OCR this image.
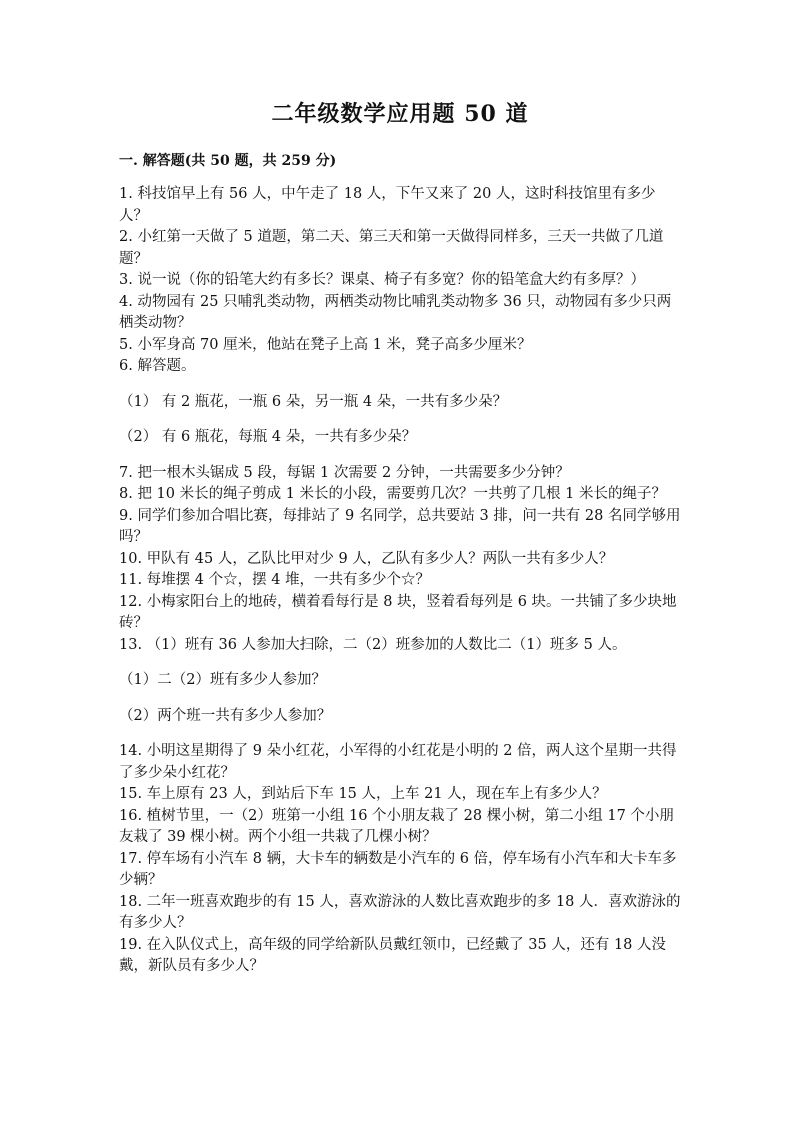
二年级数学应用题 50 道
一. 解答题(共 50 题，共 259 分)

1. 科技馆早上有 56 人，中午走了 18 人，下午又来了 20 人，这时科技馆里有多少人？

2. 小红第一天做了 5 道题，第二天、第三天和第一天做得同样多，三天一共做了几道题？

3. 说一说（你的铅笔大约有多长？课桌、椅子有多宽？你的铅笔盒大约有多厚？）

4. 动物园有 25 只哺乳类动物，两栖类动物比哺乳类动物多 36 只，动物园有多少只两栖类动物？

5. 小军身高 70 厘米，他站在凳子上高 1 米，凳子高多少厘米？

6. 解答题。

（1） 有 2 瓶花，一瓶 6 朵，另一瓶 4 朵，一共有多少朵？

（2） 有 6 瓶花，每瓶 4 朵，一共有多少朵？

7. 把一根木头锯成 5 段，每锯 1 次需要 2 分钟，一共需要多少分钟？

8. 把 10 米长的绳子剪成 1 米长的小段，需要剪几次？一共剪了几根 1 米长的绳子？

9. 同学们参加合唱比赛，每排站了 9 名同学，总共要站 3 排，问一共有 28 名同学够用吗？

10. 甲队有 45 人，乙队比甲对少 9 人，乙队有多少人？两队一共有多少人？

11. 每堆摆 4 个☆，摆 4 堆，一共有多少个☆？

12. 小梅家阳台上的地砖，横着看每行是 8 块，竖着看每列是 6 块。一共铺了多少块地砖？

13. （1）班有 36 人参加大扫除，二（2）班参加的人数比二（1）班多 5 人。

（1）二（2）班有多少人参加？

（2）两个班一共有多少人参加？

14. 小明这星期得了 9 朵小红花，小军得的小红花是小明的 2 倍，两人这个星期一共得了多少朵小红花？

15. 车上原有 23 人，到站后下车 15 人，上车 21 人，现在车上有多少人？

16. 植树节里，一（2）班第一小组 16 个小朋友栽了 28 棵小树，第二小组 17 个小朋友栽了 39 棵小树。两个小组一共栽了几棵小树？

17. 停车场有小汽车 8 辆，大卡车的辆数是小汽车的 6 倍，停车场有小汽车和大卡车多少辆？

18. 二年一班喜欢跑步的有 15 人，喜欢游泳的人数比喜欢跑步的多 18 人．喜欢游泳的有多少人？

19. 在入队仪式上，高年级的同学给新队员戴红领巾，已经戴了 35 人，还有 18 人没戴，新队员有多少人？
